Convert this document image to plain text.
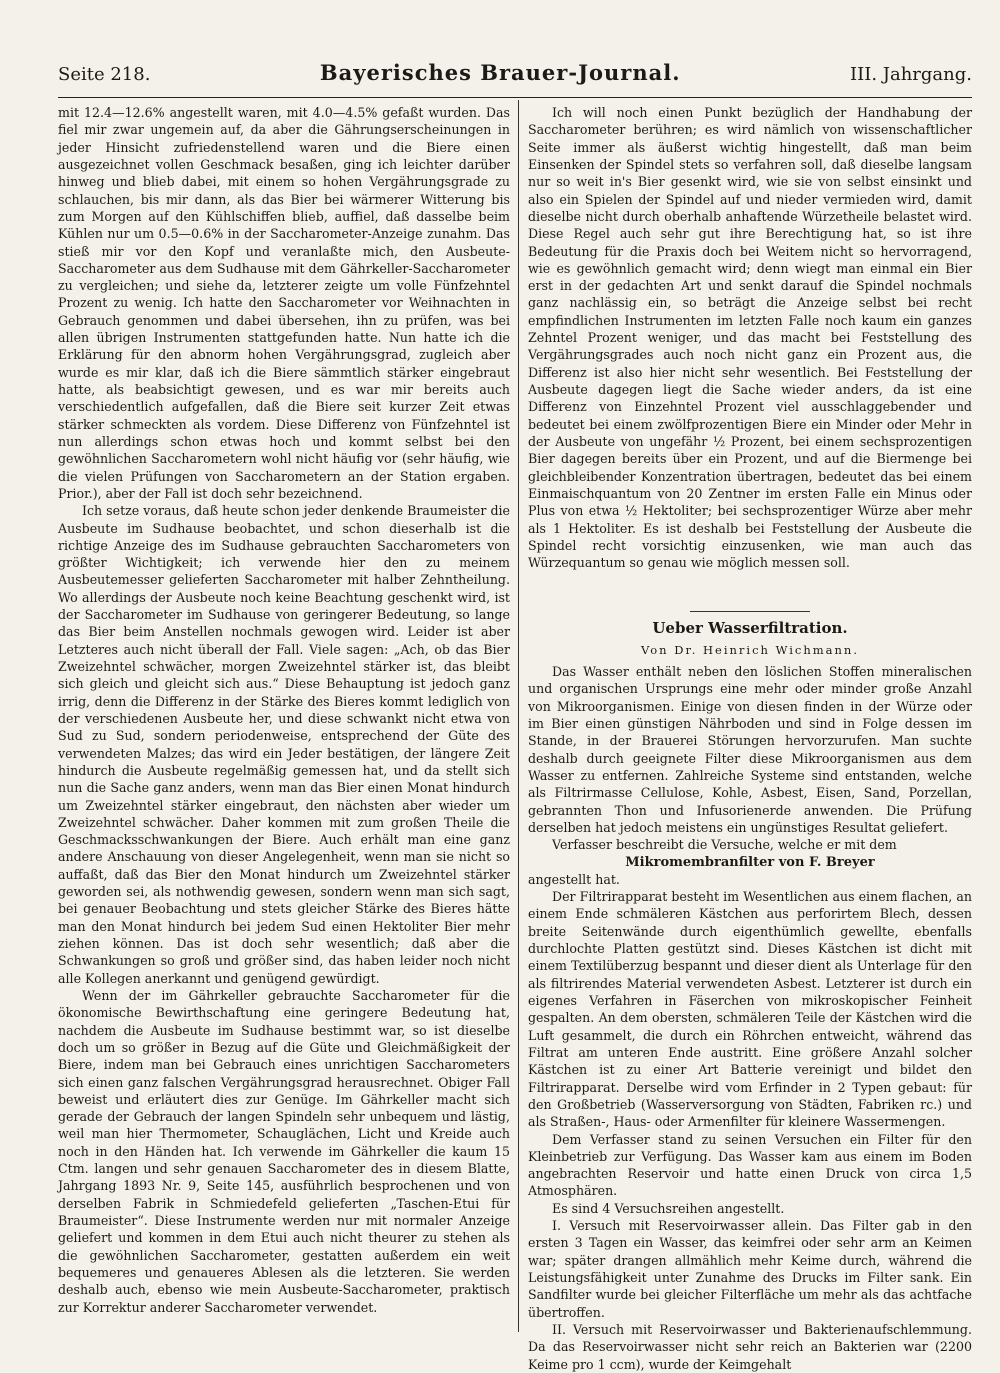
Seite 218.	Bayerisches Brauer-Journal.	III. Jahrgang.

mit 12.4—12.6% angestellt waren, mit 4.0—4.5% gefaßt wurden. Das fiel mir zwar ungemein auf, da aber die Gährungserscheinungen in jeder Hinsicht zufriedenstellend waren und die Biere einen ausgezeichnet vollen Geschmack besaßen, ging ich leichter darüber hinweg und blieb dabei, mit einem so hohen Vergährungsgrade zu schlauchen, bis mir dann, als das Bier bei wärmerer Witterung bis zum Morgen auf den Kühlschiffen blieb, auffiel, daß dasselbe beim Kühlen nur um 0.5—0.6% in der Saccharometer-Anzeige zunahm. Das stieß mir vor den Kopf und veranlaßte mich, den Ausbeute-Saccharometer aus dem Sudhause mit dem Gährkeller-Saccharometer zu vergleichen; und siehe da, letzterer zeigte um volle Fünfzehntel Prozent zu wenig. Ich hatte den Saccharometer vor Weihnachten in Gebrauch genommen und dabei übersehen, ihn zu prüfen, was bei allen übrigen Instrumenten stattgefunden hatte. Nun hatte ich die Erklärung für den abnorm hohen Vergährungsgrad, zugleich aber wurde es mir klar, daß ich die Biere sämmtlich stärker eingebraut hatte, als beabsichtigt gewesen, und es war mir bereits auch verschiedentlich aufgefallen, daß die Biere seit kurzer Zeit etwas stärker schmeckten als vordem. Diese Differenz von Fünfzehntel ist nun allerdings schon etwas hoch und kommt selbst bei den gewöhnlichen Saccharometern wohl nicht häufig vor (sehr häufig, wie die vielen Prüfungen von Saccharometern an der Station ergaben. Prior.), aber der Fall ist doch sehr bezeichnend.

Ich setze voraus, daß heute schon jeder denkende Braumeister die Ausbeute im Sudhause beobachtet, und schon dieserhalb ist die richtige Anzeige des im Sudhause gebrauchten Saccharometers von größter Wichtigkeit; ich verwende hier den zu meinem Ausbeutemesser gelieferten Saccharometer mit halber Zehntheilung. Wo allerdings der Ausbeute noch keine Beachtung geschenkt wird, ist der Saccharometer im Sudhause von geringerer Bedeutung, so lange das Bier beim Anstellen nochmals gewogen wird. Leider ist aber Letzteres auch nicht überall der Fall. Viele sagen: „Ach, ob das Bier Zweizehntel schwächer, morgen Zweizehntel stärker ist, das bleibt sich gleich und gleicht sich aus.“ Diese Behauptung ist jedoch ganz irrig, denn die Differenz in der Stärke des Bieres kommt lediglich von der verschiedenen Ausbeute her, und diese schwankt nicht etwa von Sud zu Sud, sondern periodenweise, entsprechend der Güte des verwendeten Malzes; das wird ein Jeder bestätigen, der längere Zeit hindurch die Ausbeute regelmäßig gemessen hat, und da stellt sich nun die Sache ganz anders, wenn man das Bier einen Monat hindurch um Zweizehntel stärker eingebraut, den nächsten aber wieder um Zweizehntel schwächer. Daher kommen mit zum großen Theile die Geschmacksschwankungen der Biere. Auch erhält man eine ganz andere Anschauung von dieser Angelegenheit, wenn man sie nicht so auffaßt, daß das Bier den Monat hindurch um Zweizehntel stärker geworden sei, als nothwendig gewesen, sondern wenn man sich sagt, bei genauer Beobachtung und stets gleicher Stärke des Bieres hätte man den Monat hindurch bei jedem Sud einen Hektoliter Bier mehr ziehen können. Das ist doch sehr wesentlich; daß aber die Schwankungen so groß und größer sind, das haben leider noch nicht alle Kollegen anerkannt und genügend gewürdigt.

Wenn der im Gährkeller gebrauchte Saccharometer für die ökonomische Bewirthschaftung eine geringere Bedeutung hat, nachdem die Ausbeute im Sudhause bestimmt war, so ist dieselbe doch um so größer in Bezug auf die Güte und Gleichmäßigkeit der Biere, indem man bei Gebrauch eines unrichtigen Saccharometers sich einen ganz falschen Vergährungsgrad herausrechnet. Obiger Fall beweist und erläutert dies zur Genüge. Im Gährkeller macht sich gerade der Gebrauch der langen Spindeln sehr unbequem und lästig, weil man hier Thermometer, Schauglächen, Licht und Kreide auch noch in den Händen hat. Ich verwende im Gährkeller die kaum 15 Ctm. langen und sehr genauen Saccharometer des in diesem Blatte, Jahrgang 1893 Nr. 9, Seite 145, ausführlich besprochenen und von derselben Fabrik in Schmiedefeld gelieferten „Taschen-Etui für Braumeister“. Diese Instrumente werden nur mit normaler Anzeige geliefert und kommen in dem Etui auch nicht theurer zu stehen als die gewöhnlichen Saccharometer, gestatten außerdem ein weit bequemeres und genaueres Ablesen als die letzteren. Sie werden deshalb auch, ebenso wie mein Ausbeute-Saccharometer, praktisch zur Korrektur anderer Saccharometer verwendet.

Ich will noch einen Punkt bezüglich der Handhabung der Saccharometer berühren; es wird nämlich von wissenschaftlicher Seite immer als äußerst wichtig hingestellt, daß man beim Einsenken der Spindel stets so verfahren soll, daß dieselbe langsam nur so weit in's Bier gesenkt wird, wie sie von selbst einsinkt und also ein Spielen der Spindel auf und nieder vermieden wird, damit dieselbe nicht durch oberhalb anhaftende Würzetheile belastet wird. Diese Regel auch sehr gut ihre Berechtigung hat, so ist ihre Bedeutung für die Praxis doch bei Weitem nicht so hervorragend, wie es gewöhnlich gemacht wird; denn wiegt man einmal ein Bier erst in der gedachten Art und senkt darauf die Spindel nochmals ganz nachlässig ein, so beträgt die Anzeige selbst bei recht empfindlichen Instrumenten im letzten Falle noch kaum ein ganzes Zehntel Prozent weniger, und das macht bei Feststellung des Vergährungsgrades auch noch nicht ganz ein Prozent aus, die Differenz ist also hier nicht sehr wesentlich. Bei Feststellung der Ausbeute dagegen liegt die Sache wieder anders, da ist eine Differenz von Einzehntel Prozent viel ausschlaggebender und bedeutet bei einem zwölfprozentigen Biere ein Minder oder Mehr in der Ausbeute von ungefähr ½ Prozent, bei einem sechsprozentigen Bier dagegen bereits über ein Prozent, und auf die Biermenge bei gleichbleibender Konzentration übertragen, bedeutet das bei einem Einmaischquantum von 20 Zentner im ersten Falle ein Minus oder Plus von etwa ½ Hektoliter; bei sechsprozentiger Würze aber mehr als 1 Hektoliter. Es ist deshalb bei Feststellung der Ausbeute die Spindel recht vorsichtig einzusenken, wie man auch das Würzequantum so genau wie möglich messen soll.

Ueber Wasserfiltration.
Von Dr. Heinrich Wichmann.

Das Wasser enthält neben den löslichen Stoffen mineralischen und organischen Ursprungs eine mehr oder minder große Anzahl von Mikroorganismen. Einige von diesen finden in der Würze oder im Bier einen günstigen Nährboden und sind in Folge dessen im Stande, in der Brauerei Störungen hervorzurufen. Man suchte deshalb durch geeignete Filter diese Mikroorganismen aus dem Wasser zu entfernen. Zahlreiche Systeme sind entstanden, welche als Filtrirmasse Cellulose, Kohle, Asbest, Eisen, Sand, Porzellan, gebrannten Thon und Infusorienerde anwenden. Die Prüfung derselben hat jedoch meistens ein ungünstiges Resultat geliefert.

Verfasser beschreibt die Versuche, welche er mit dem

Mikromembranfilter von F. Breyer

angestellt hat.

Der Filtrirapparat besteht im Wesentlichen aus einem flachen, an einem Ende schmäleren Kästchen aus perforirtem Blech, dessen breite Seitenwände durch eigenthümlich gewellte, ebenfalls durchlochte Platten gestützt sind. Dieses Kästchen ist dicht mit einem Textilüberzug bespannt und dieser dient als Unterlage für den als filtrirendes Material verwendeten Asbest. Letzterer ist durch ein eigenes Verfahren in Fäserchen von mikroskopischer Feinheit gespalten. An dem obersten, schmäleren Teile der Kästchen wird die Luft gesammelt, die durch ein Röhrchen entweicht, während das Filtrat am unteren Ende austritt. Eine größere Anzahl solcher Kästchen ist zu einer Art Batterie vereinigt und bildet den Filtrirapparat. Derselbe wird vom Erfinder in 2 Typen gebaut: für den Großbetrieb (Wasserversorgung von Städten, Fabriken rc.) und als Straßen-, Haus- oder Armenfilter für kleinere Wassermengen.

Dem Verfasser stand zu seinen Versuchen ein Filter für den Kleinbetrieb zur Verfügung. Das Wasser kam aus einem im Boden angebrachten Reservoir und hatte einen Druck von circa 1,5 Atmosphären.

Es sind 4 Versuchsreihen angestellt.

I. Versuch mit Reservoirwasser allein. Das Filter gab in den ersten 3 Tagen ein Wasser, das keimfrei oder sehr arm an Keimen war; später drangen allmählich mehr Keime durch, während die Leistungsfähigkeit unter Zunahme des Drucks im Filter sank. Ein Sandfilter wurde bei gleicher Filterfläche um mehr als das achtfache übertroffen.

II. Versuch mit Reservoirwasser und Bakterienaufschlemmung. Da das Reservoirwasser nicht sehr reich an Bakterien war (2200 Keime pro 1 ccm), wurde der Keimgehalt
